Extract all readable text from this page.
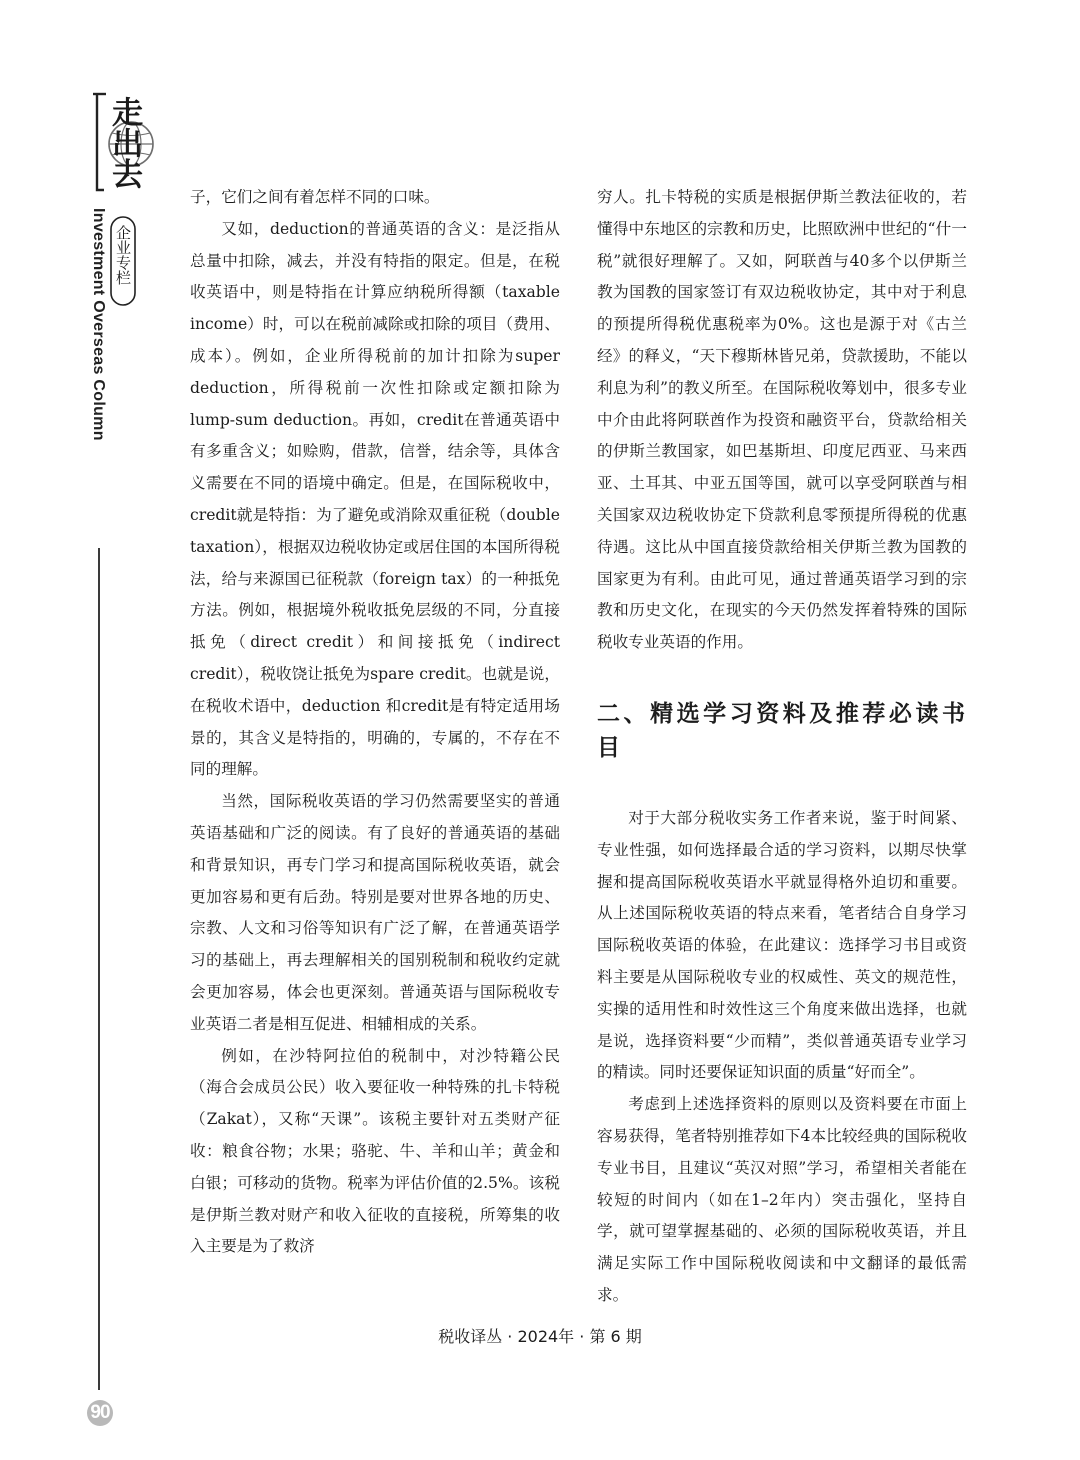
走出去
企业专栏
Investment Overseas Column
90

子，它们之间有着怎样不同的口味。

又如，deduction的普通英语的含义：是泛指从总量中扣除，减去，并没有特指的限定。但是，在税收英语中，则是特指在计算应纳税所得额（taxable income）时，可以在税前减除或扣除的项目（费用、成本）。例如，企业所得税前的加计扣除为super deduction，所得税前一次性扣除或定额扣除为lump-sum deduction。再如，credit在普通英语中有多重含义；如赊购，借款，信誉，结余等，具体含义需要在不同的语境中确定。但是，在国际税收中，credit就是特指：为了避免或消除双重征税（double taxation），根据双边税收协定或居住国的本国所得税法，给与来源国已征税款（foreign tax）的一种抵免方法。例如，根据境外税收抵免层级的不同，分直接抵免（direct credit）和间接抵免（indirect credit），税收饶让抵免为spare credit。也就是说，在税收术语中，deduction 和credit是有特定适用场景的，其含义是特指的，明确的，专属的，不存在不同的理解。

当然，国际税收英语的学习仍然需要坚实的普通英语基础和广泛的阅读。有了良好的普通英语的基础和背景知识，再专门学习和提高国际税收英语，就会更加容易和更有后劲。特别是要对世界各地的历史、宗教、人文和习俗等知识有广泛了解，在普通英语学习的基础上，再去理解相关的国别税制和税收约定就会更加容易，体会也更深刻。普通英语与国际税收专业英语二者是相互促进、相辅相成的关系。

例如，在沙特阿拉伯的税制中，对沙特籍公民（海合会成员公民）收入要征收一种特殊的扎卡特税（Zakat），又称“天课”。该税主要针对五类财产征收：粮食谷物；水果；骆驼、牛、羊和山羊；黄金和白银；可移动的货物。税率为评估价值的2.5%。该税是伊斯兰教对财产和收入征收的直接税，所筹集的收入主要是为了救济

穷人。扎卡特税的实质是根据伊斯兰教法征收的，若懂得中东地区的宗教和历史，比照欧洲中世纪的“什一税”就很好理解了。又如，阿联酋与40多个以伊斯兰教为国教的国家签订有双边税收协定，其中对于利息的预提所得税优惠税率为0%。这也是源于对《古兰经》的释义，“天下穆斯林皆兄弟，贷款援助，不能以利息为利”的教义所至。在国际税收筹划中，很多专业中介由此将阿联酋作为投资和融资平台，贷款给相关的伊斯兰教国家，如巴基斯坦、印度尼西亚、马来西亚、土耳其、中亚五国等国，就可以享受阿联酋与相关国家双边税收协定下贷款利息零预提所得税的优惠待遇。这比从中国直接贷款给相关伊斯兰教为国教的国家更为有利。由此可见，通过普通英语学习到的宗教和历史文化，在现实的今天仍然发挥着特殊的国际税收专业英语的作用。

二、精选学习资料及推荐必读书目

对于大部分税收实务工作者来说，鉴于时间紧、专业性强，如何选择最合适的学习资料，以期尽快掌握和提高国际税收英语水平就显得格外迫切和重要。从上述国际税收英语的特点来看，笔者结合自身学习国际税收英语的体验，在此建议：选择学习书目或资料主要是从国际税收专业的权威性、英文的规范性，实操的适用性和时效性这三个角度来做出选择，也就是说，选择资料要“少而精”，类似普通英语专业学习的精读。同时还要保证知识面的质量“好而全”。

考虑到上述选择资料的原则以及资料要在市面上容易获得，笔者特别推荐如下4本比较经典的国际税收专业书目，且建议“英汉对照”学习，希望相关者能在较短的时间内（如在1–2年内）突击强化，坚持自学，就可望掌握基础的、必须的国际税收英语，并且满足实际工作中国际税收阅读和中文翻译的最低需求。

税收译丛 · 2024年 · 第 6 期
